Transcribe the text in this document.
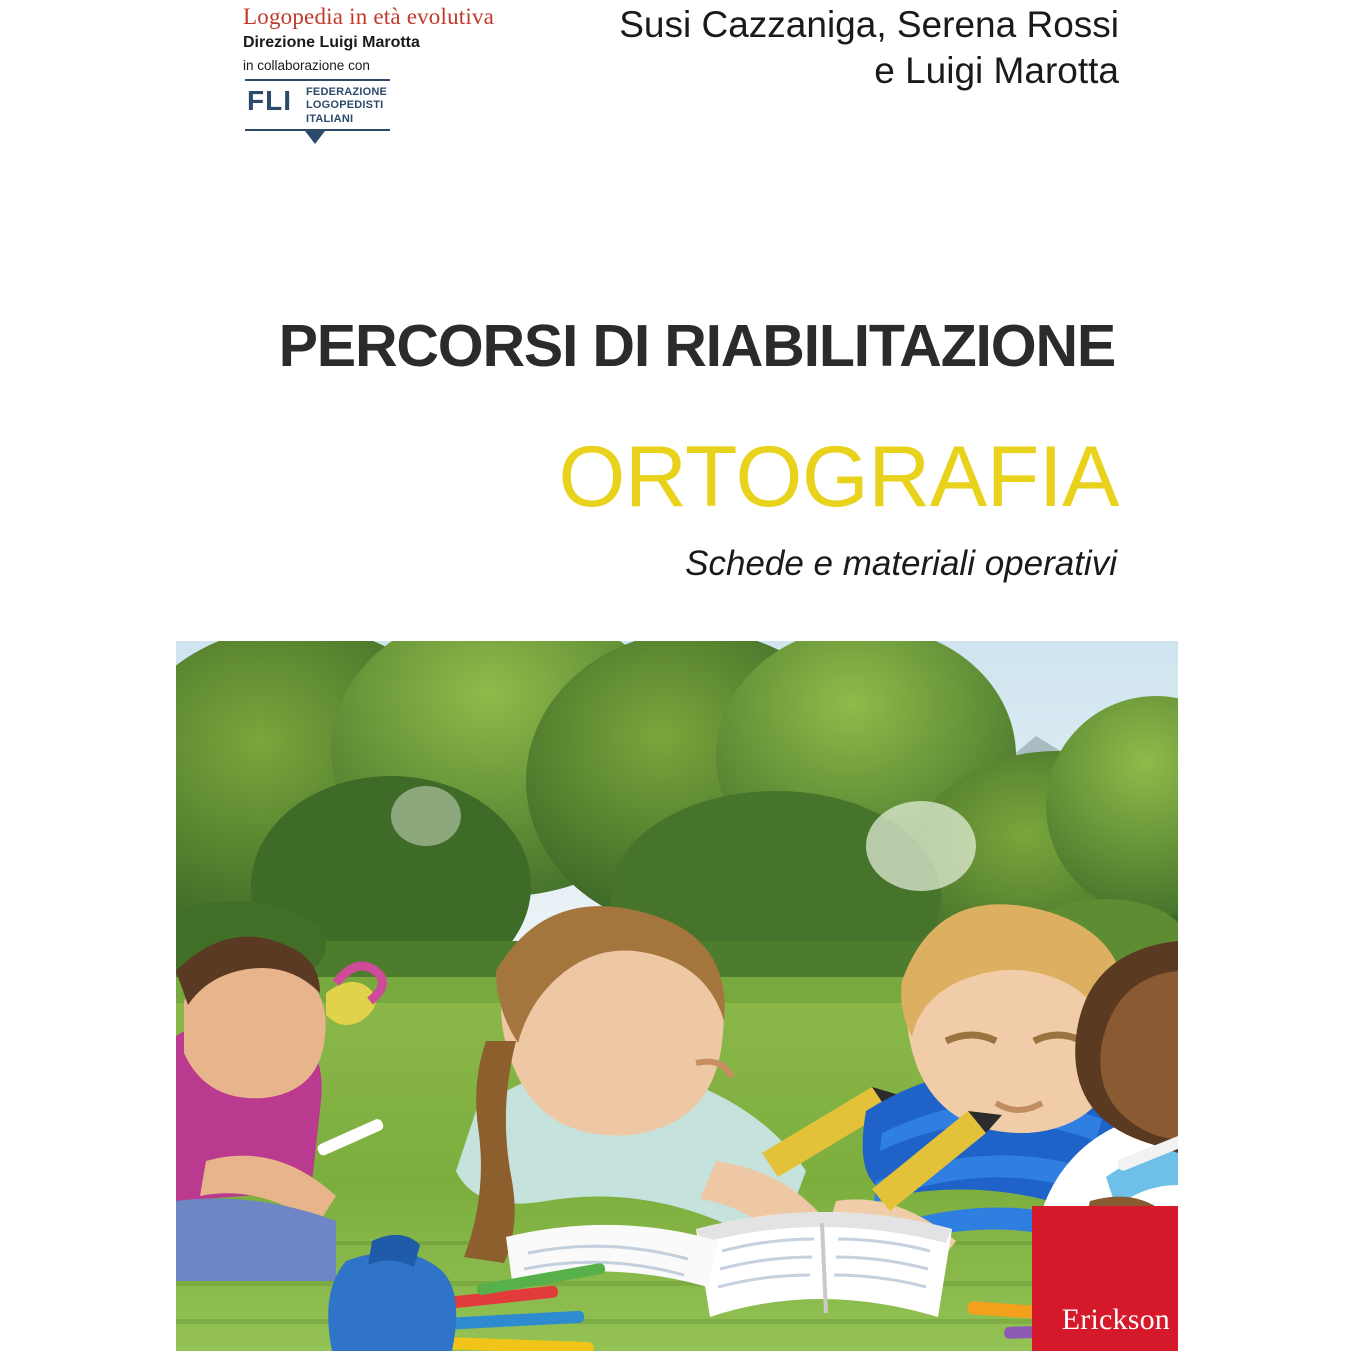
Logopedia in età evolutiva
Direzione Luigi Marotta
in collaborazione con
FLI FEDERAZIONE
LOGOPEDISTI
ITALIANI
Susi Cazzaniga, Serena Rossi
e Luigi Marotta
PERCORSI DI RIABILITAZIONE
ORTOGRAFIA
Schede e materiali operativi
Erickson
